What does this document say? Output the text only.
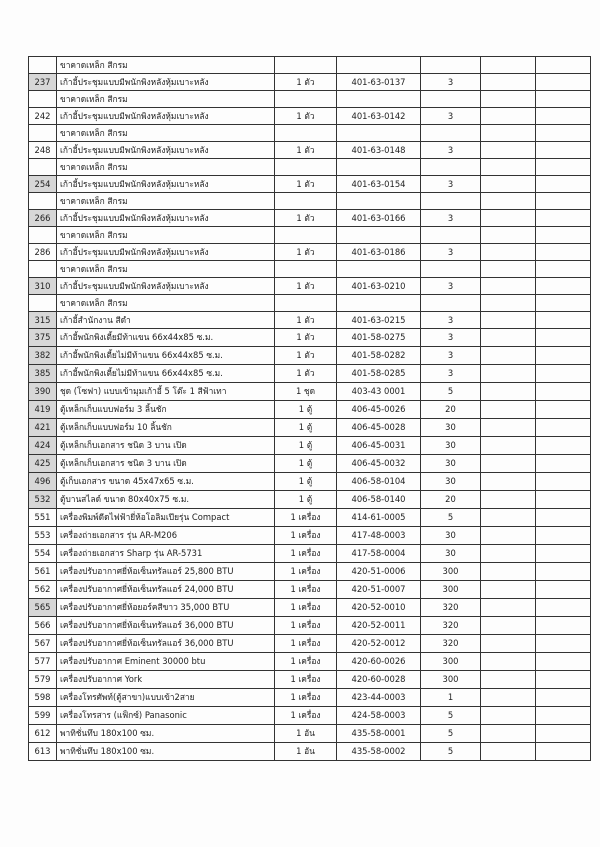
	ขาคาดเหล็ก สีกรม					
237	เก้าอี้ประชุมแบบมีพนักพิงหลังหุ้มเบาะหลัง	1 ตัว	401-63-0137	3		
	ขาคาดเหล็ก สีกรม					
242	เก้าอี้ประชุมแบบมีพนักพิงหลังหุ้มเบาะหลัง	1 ตัว	401-63-0142	3		
	ขาคาดเหล็ก สีกรม					
248	เก้าอี้ประชุมแบบมีพนักพิงหลังหุ้มเบาะหลัง	1 ตัว	401-63-0148	3		
	ขาคาดเหล็ก สีกรม					
254	เก้าอี้ประชุมแบบมีพนักพิงหลังหุ้มเบาะหลัง	1 ตัว	401-63-0154	3		
	ขาคาดเหล็ก สีกรม					
266	เก้าอี้ประชุมแบบมีพนักพิงหลังหุ้มเบาะหลัง	1 ตัว	401-63-0166	3		
	ขาคาดเหล็ก สีกรม					
286	เก้าอี้ประชุมแบบมีพนักพิงหลังหุ้มเบาะหลัง	1 ตัว	401-63-0186	3		
	ขาคาดเหล็ก สีกรม					
310	เก้าอี้ประชุมแบบมีพนักพิงหลังหุ้มเบาะหลัง	1 ตัว	401-63-0210	3		
	ขาคาดเหล็ก สีกรม					
315	เก้าอี้สำนักงาน สีดำ	1 ตัว	401-63-0215	3		
375	เก้าอี้พนักพิงเตี้ยมีท้าแขน 66x44x85 ซ.ม.	1 ตัว	401-58-0275	3		
382	เก้าอี้พนักพิงเตี้ยไม่มีท้าแขน 66x44x85 ซ.ม.	1 ตัว	401-58-0282	3		
385	เก้าอี้พนักพิงเตี้ยไม่มีท้าแขน 66x44x85 ซ.ม.	1 ตัว	401-58-0285	3		
390	ชุด (โซฟา) แบบเข้ามุมเก้าอี้ 5 โต๊ะ 1 สีฟ้าเทา	1 ชุด	403-43 0001	5		
419	ตู้เหล็กเก็บแบบฟอร์ม 3 ลิ้นชัก	1 ตู้	406-45-0026	20		
421	ตู้เหล็กเก็บแบบฟอร์ม 10 ลิ้นชัก	1 ตู้	406-45-0028	30		
424	ตู้เหล็กเก็บเอกสาร ชนิด 3 บาน เปิด	1 ตู้	406-45-0031	30		
425	ตู้เหล็กเก็บเอกสาร ชนิด 3 บาน เปิด	1 ตู้	406-45-0032	30		
496	ตู้เก็บเอกสาร ขนาด 45x47x65 ซ.ม.	1 ตู้	406-58-0104	30		
532	ตู้บานสไลด์ ขนาด 80x40x75 ซ.ม.	1 ตู้	406-58-0140	20		
551	เครื่องพิมพ์ดีดไฟฟ้ายี่ห้อโอลิมเปียรุ่น Compact	1 เครื่อง	414-61-0005	5		
553	เครื่องถ่ายเอกสาร รุ่น AR-M206	1 เครื่อง	417-48-0003	30		
554	เครื่องถ่ายเอกสาร Sharp รุ่น AR-5731	1 เครื่อง	417-58-0004	30		
561	เครื่องปรับอากาศยี่ห้อเซ็นทรัลแอร์ 25,800 BTU	1 เครื่อง	420-51-0006	300		
562	เครื่องปรับอากาศยี่ห้อเซ็นทรัลแอร์ 24,000 BTU	1 เครื่อง	420-51-0007	300		
565	เครื่องปรับอากาศยี่ห้อยอร์คสีขาว 35,000 BTU	1 เครื่อง	420-52-0010	320		
566	เครื่องปรับอากาศยี่ห้อเซ็นทรัลแอร์ 36,000 BTU	1 เครื่อง	420-52-0011	320		
567	เครื่องปรับอากาศยี่ห้อเซ็นทรัลแอร์ 36,000 BTU	1 เครื่อง	420-52-0012	320		
577	เครื่องปรับอากาศ Eminent 30000 btu	1 เครื่อง	420-60-0026	300		
579	เครื่องปรับอากาศ York	1 เครื่อง	420-60-0028	300		
598	เครื่องโทรศัพท์(ตู้สาขา)แบบเข้า2สาย	1 เครื่อง	423-44-0003	1		
599	เครื่องโทรสาร (แฟ็กซ์) Panasonic	1 เครื่อง	424-58-0003	5		
612	พาทิชั่นทึบ 180x100 ซม.	1 อัน	435-58-0001	5		
613	พาทิชั่นทึบ 180x100 ซม.	1 อัน	435-58-0002	5		
